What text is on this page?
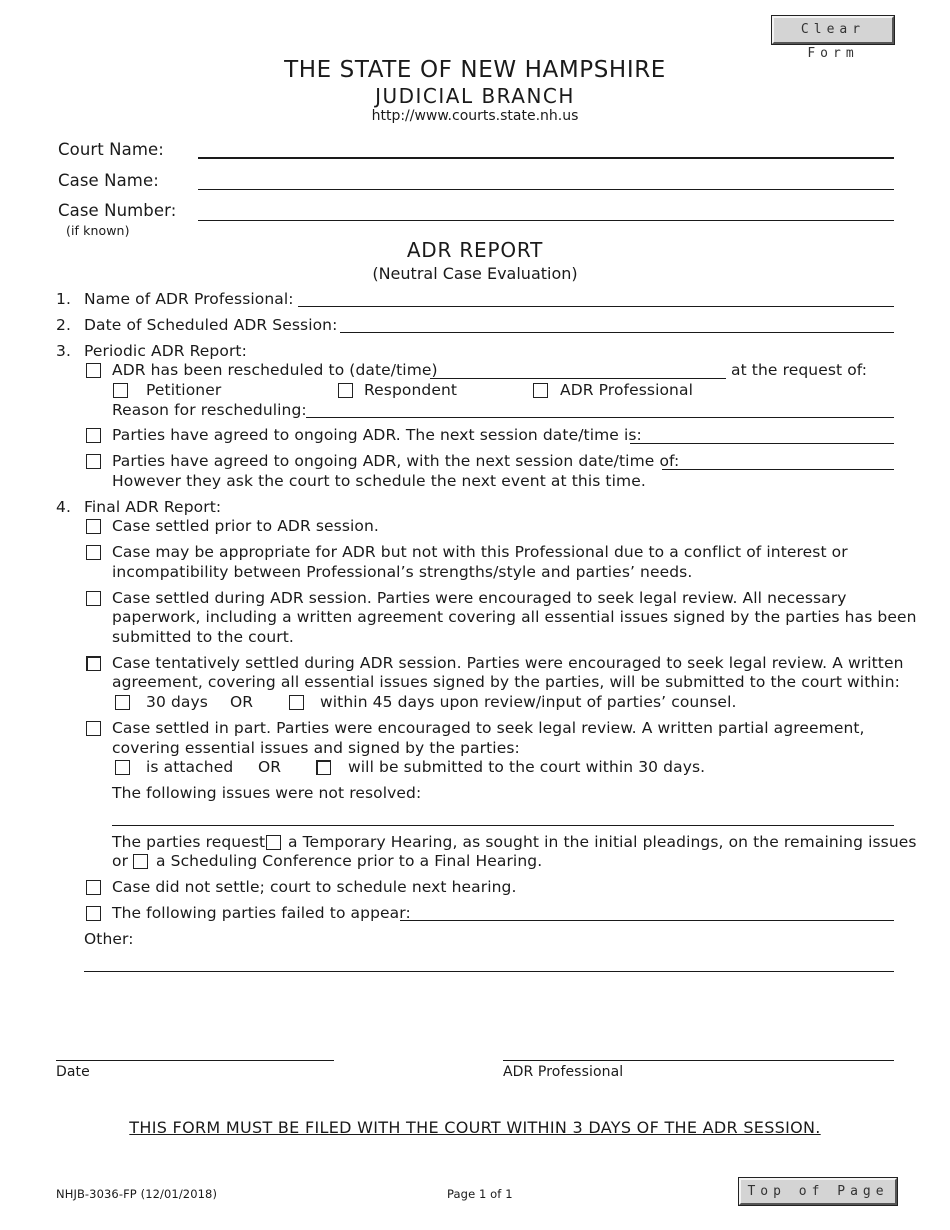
Clear Form
THE STATE OF NEW HAMPSHIRE
JUDICIAL BRANCH
http://www.courts.state.nh.us
Court Name:
Case Name:
Case Number:
(if known)
ADR REPORT
(Neutral Case Evaluation)
1. Name of ADR Professional:
2. Date of Scheduled ADR Session:
3. Periodic ADR Report:
ADR has been rescheduled to (date/time)	at the request of:
Petitioner	Respondent	ADR Professional
Reason for rescheduling:
Parties have agreed to ongoing ADR. The next session date/time is:
Parties have agreed to ongoing ADR, with the next session date/time of:
However they ask the court to schedule the next event at this time.
4. Final ADR Report:
Case settled prior to ADR session.
Case may be appropriate for ADR but not with this Professional due to a conflict of interest or
incompatibility between Professional’s strengths/style and parties’ needs.
Case settled during ADR session. Parties were encouraged to seek legal review. All necessary
paperwork, including a written agreement covering all essential issues signed by the parties has been
submitted to the court.
Case tentatively settled during ADR session. Parties were encouraged to seek legal review. A written
agreement, covering all essential issues signed by the parties, will be submitted to the court within:
30 days OR	within 45 days upon review/input of parties’ counsel.
Case settled in part. Parties were encouraged to seek legal review. A written partial agreement,
covering essential issues and signed by the parties:
is attached OR	will be submitted to the court within 30 days.
The following issues were not resolved:
The parties request a Temporary Hearing, as sought in the initial pleadings, on the remaining issues
or a Scheduling Conference prior to a Final Hearing.
Case did not settle; court to schedule next hearing.
The following parties failed to appear:
Other:
Date	ADR Professional
THIS FORM MUST BE FILED WITH THE COURT WITHIN 3 DAYS OF THE ADR SESSION.
NHJB-3036-FP (12/01/2018)	Page 1 of 1	Top of Page
